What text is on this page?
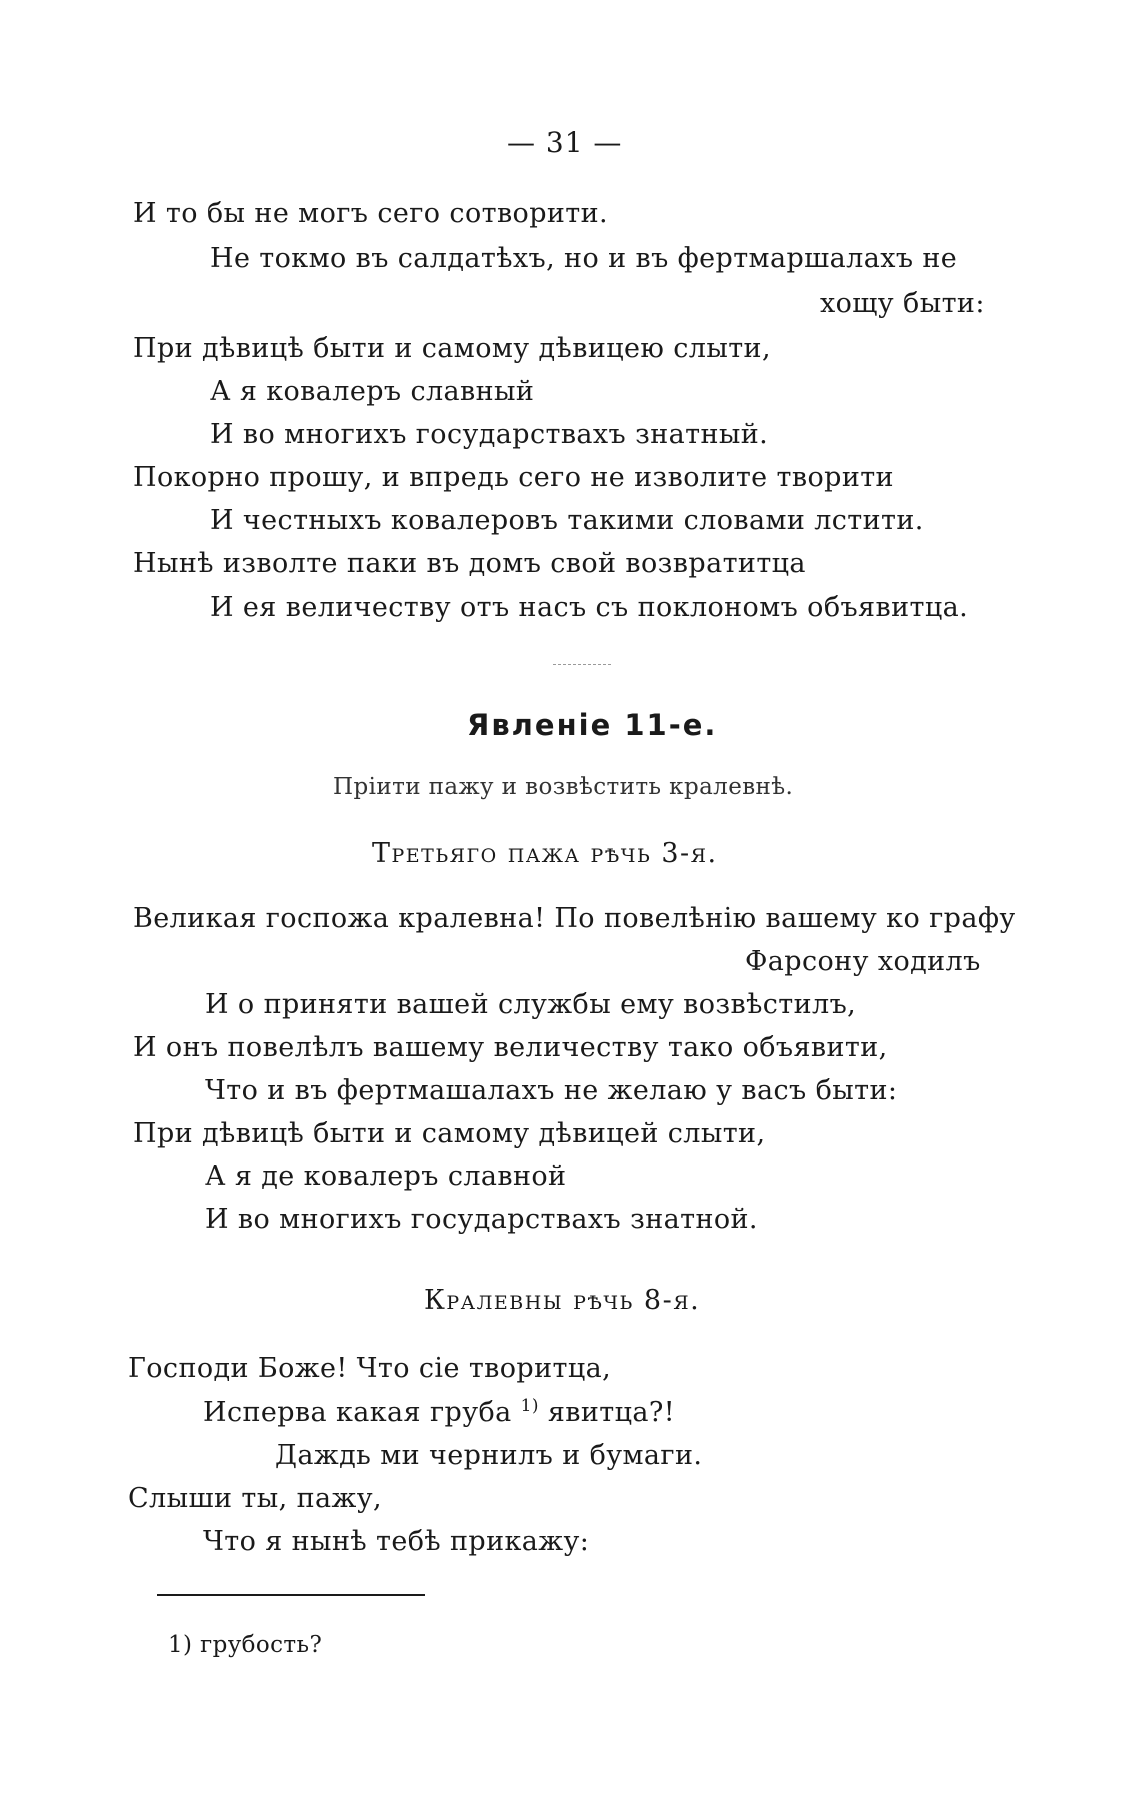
— 31 —
И то бы не могъ сего сотворити.
Не токмо въ салдатѣхъ, но и въ фертмаршалахъ не
хощу быти:
При дѣвицѣ быти и самому дѣвицею слыти,
А я ковалеръ славный
И во многихъ государствахъ знатный.
Покорно прошу, и впредь сего не изволите творити
И честныхъ ковалеровъ такими словами лстити.
Нынѣ изволте паки въ домъ свой возвратитца
И ея величеству отъ насъ съ поклономъ объявитца.
Явленіе 11-е.
Пріити пажу и возвѣстить кралевнѣ.
Третьяго пажа рѣчь 3-я.
Великая госпожа кралевна! По повелѣнію вашему ко графу
Фарсону ходилъ
И о приняти вашей службы ему возвѣстилъ,
И онъ повелѣлъ вашему величеству тако объявити,
Что и въ фертмашалахъ не желаю у васъ быти:
При дѣвицѣ быти и самому дѣвицей слыти,
А я де ковалеръ славной
И во многихъ государствахъ знатной.
Кралевны рѣчь 8-я.
Господи Боже! Что сіе творитца,
Исперва какая груба $^{1)}$ явитца?!
Даждь ми чернилъ и бумаги.
Слыши ты, пажу,
Что я нынѣ тебѣ прикажу:
1) грубость?
